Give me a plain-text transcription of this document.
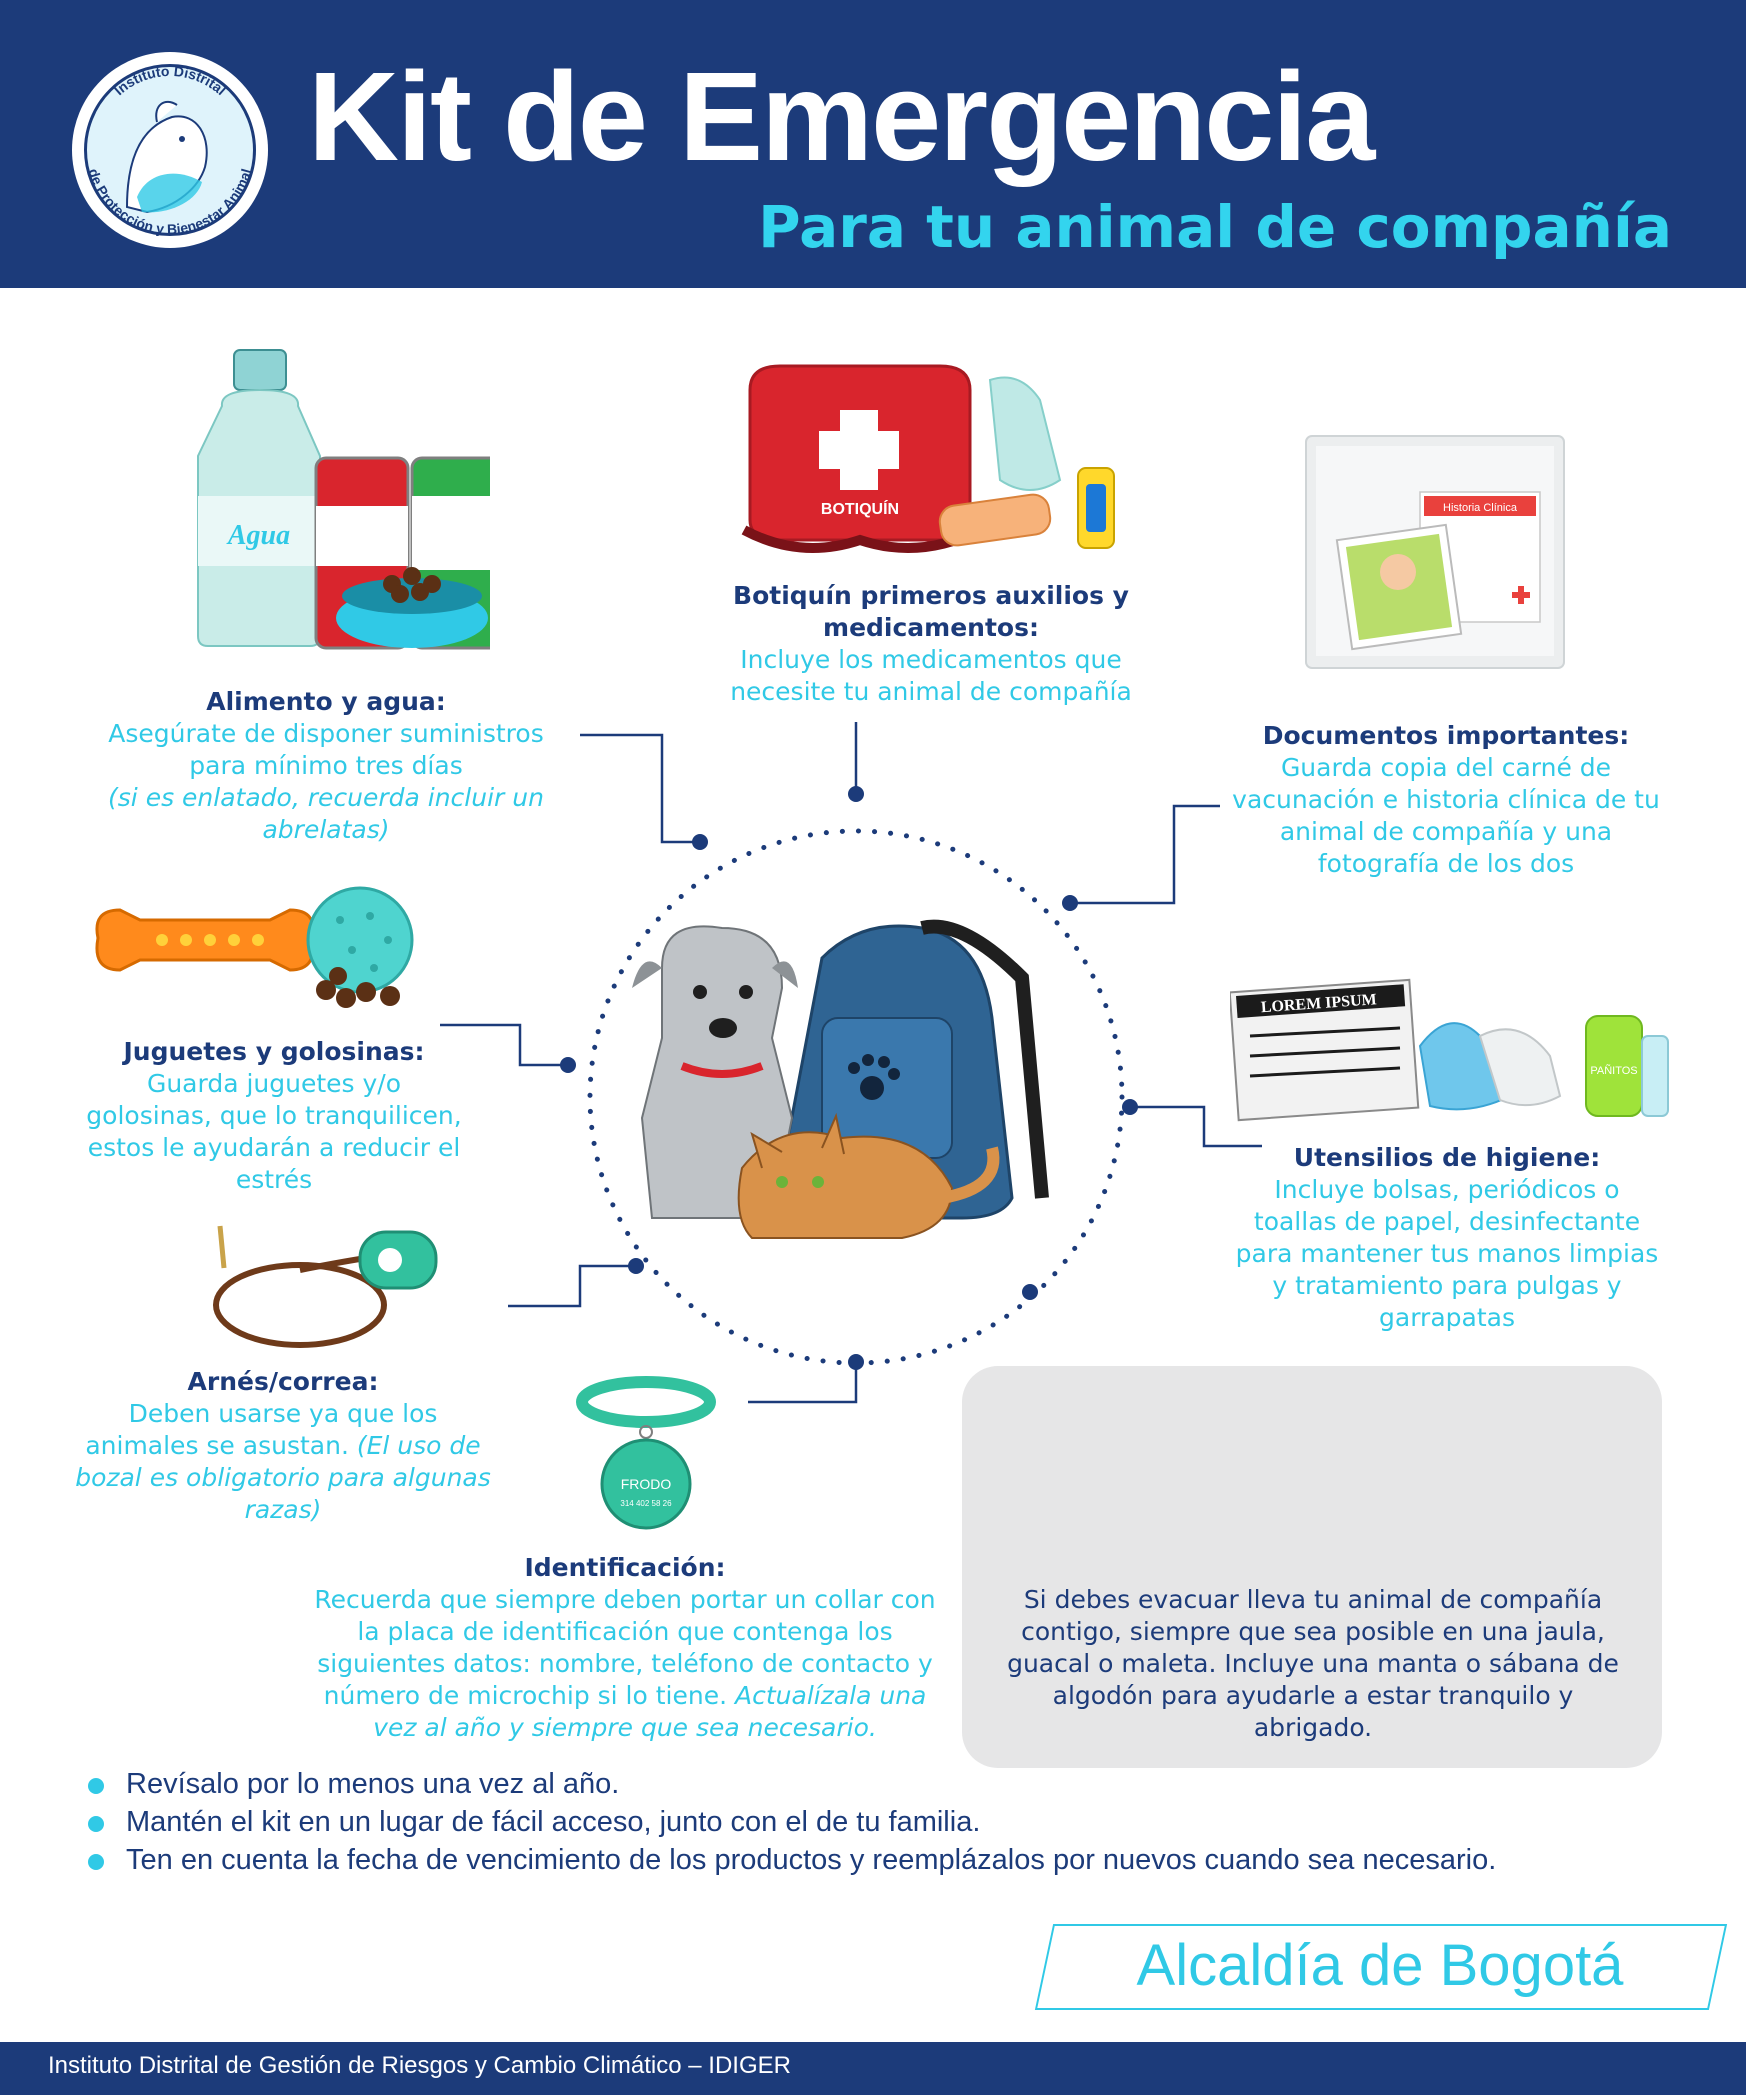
Instituto Distrital
de Protección y Bienestar Animal Kit de Emergencia
Para tu animal de compañía
Agua
BOTIQUÍN	Historia Clínica
FRODO
314 402 58 26
LOREM IPSUM
PAÑITOS
Alimento y agua:
Asegúrate de disponer suministros para mínimo tres días
(si es enlatado, recuerda incluir un abrelatas)
Botiquín primeros auxilios y medicamentos:
Incluye los medicamentos que necesite tu animal de compañía
Documentos importantes:
Guarda copia del carné de vacunación e historia clínica de tu animal de compañía y una fotografía de los dos
Juguetes y golosinas:
Guarda juguetes y/o golosinas, que lo tranquilicen, estos le ayudarán a reducir el estrés
Utensilios de higiene:
Incluye bolsas, periódicos o toallas de papel, desinfectante para mantener tus manos limpias y tratamiento para pulgas y garrapatas
Arnés/correa:
Deben usarse ya que los animales se asustan. (El uso de bozal es obligatorio para algunas razas)
Identificación:
Recuerda que siempre deben portar un collar con la placa de identificación que contenga los siguientes datos: nombre, teléfono de contacto y número de microchip si lo tiene. Actualízala una vez al año y siempre que sea necesario.
Si debes evacuar lleva tu animal de compañía contigo, siempre que sea posible en una jaula, guacal o maleta. Incluye una manta o sábana de algodón para ayudarle a estar tranquilo y abrigado.
Revísalo por lo menos una vez al año.
Mantén el kit en un lugar de fácil acceso, junto con el de tu familia.
Ten en cuenta la fecha de vencimiento de los productos y reemplázalos por nuevos cuando sea necesario.
Alcaldía de Bogotá
Instituto Distrital de Gestión de Riesgos y Cambio Climático – IDIGER
